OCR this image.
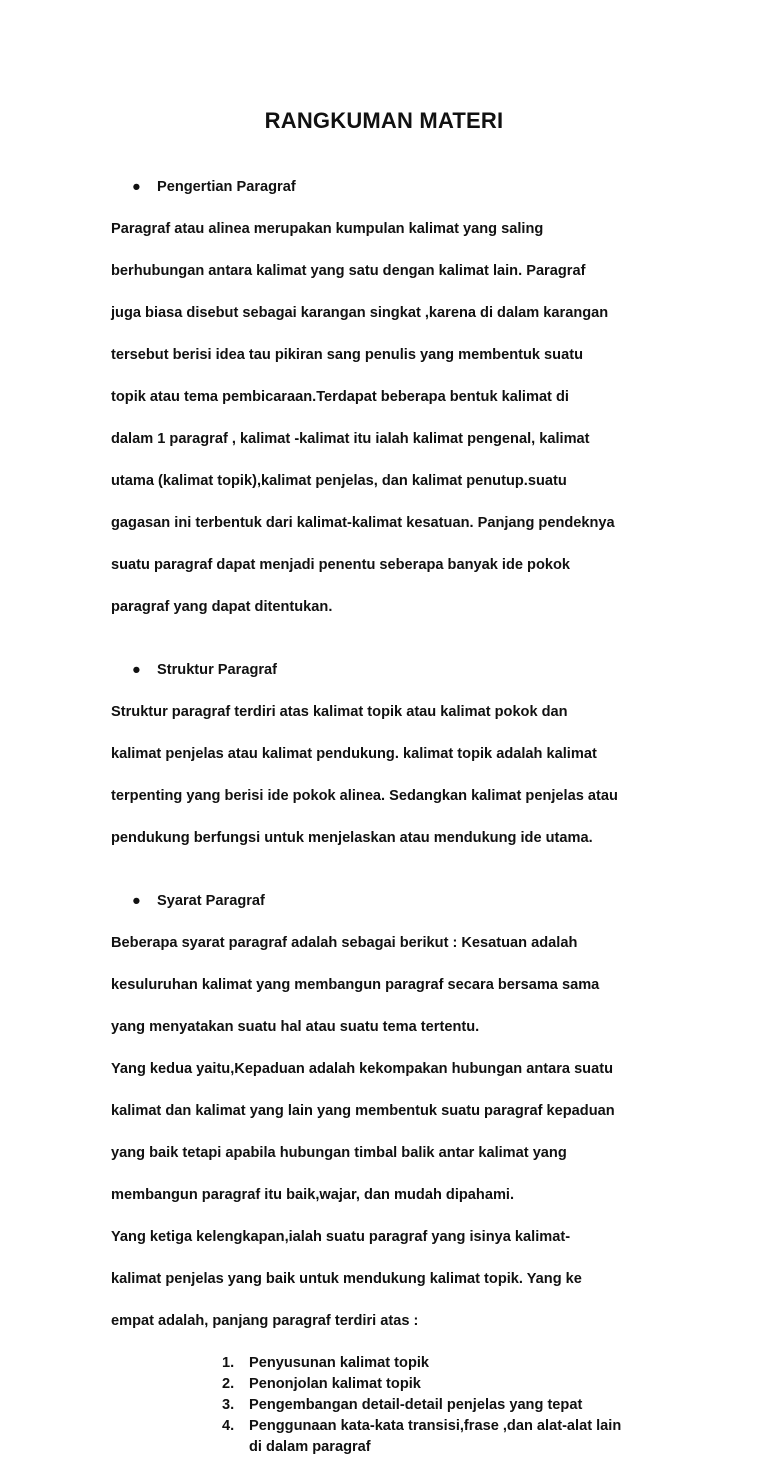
RANGKUMAN MATERI
● Pengertian Paragraf

Paragraf atau alinea merupakan kumpulan kalimat yang saling

berhubungan antara kalimat yang satu dengan kalimat lain. Paragraf

juga biasa disebut sebagai karangan singkat ,karena di dalam karangan

tersebut berisi idea tau pikiran sang penulis yang membentuk suatu

topik atau tema pembicaraan.Terdapat beberapa bentuk kalimat di

dalam 1 paragraf , kalimat -kalimat itu ialah kalimat pengenal, kalimat

utama (kalimat topik),kalimat penjelas, dan kalimat penutup.suatu

gagasan ini terbentuk dari kalimat-kalimat kesatuan. Panjang pendeknya

suatu paragraf dapat menjadi penentu seberapa banyak ide pokok

paragraf yang dapat ditentukan.

● Struktur Paragraf

Struktur paragraf terdiri atas kalimat topik atau kalimat pokok dan

kalimat penjelas atau kalimat pendukung. kalimat topik adalah kalimat

terpenting yang berisi ide pokok alinea. Sedangkan kalimat penjelas atau

pendukung berfungsi untuk menjelaskan atau mendukung ide utama.

● Syarat Paragraf

Beberapa syarat paragraf adalah sebagai berikut : Kesatuan adalah

kesuluruhan kalimat yang membangun paragraf secara bersama sama

yang menyatakan suatu hal atau suatu tema tertentu.

Yang kedua yaitu,Kepaduan adalah kekompakan hubungan antara suatu

kalimat dan kalimat yang lain yang membentuk suatu paragraf kepaduan

yang baik tetapi apabila hubungan timbal balik antar kalimat yang

membangun paragraf itu baik,wajar, dan mudah dipahami.

Yang ketiga kelengkapan,ialah suatu paragraf yang isinya kalimat-

kalimat penjelas yang baik untuk mendukung kalimat topik. Yang ke

empat adalah, panjang paragraf terdiri atas :

1. Penyusunan kalimat topik
2. Penonjolan kalimat topik
3. Pengembangan detail-detail penjelas yang tepat
4. Penggunaan kata-kata transisi,frase ,dan alat-alat lain
di dalam paragraf
